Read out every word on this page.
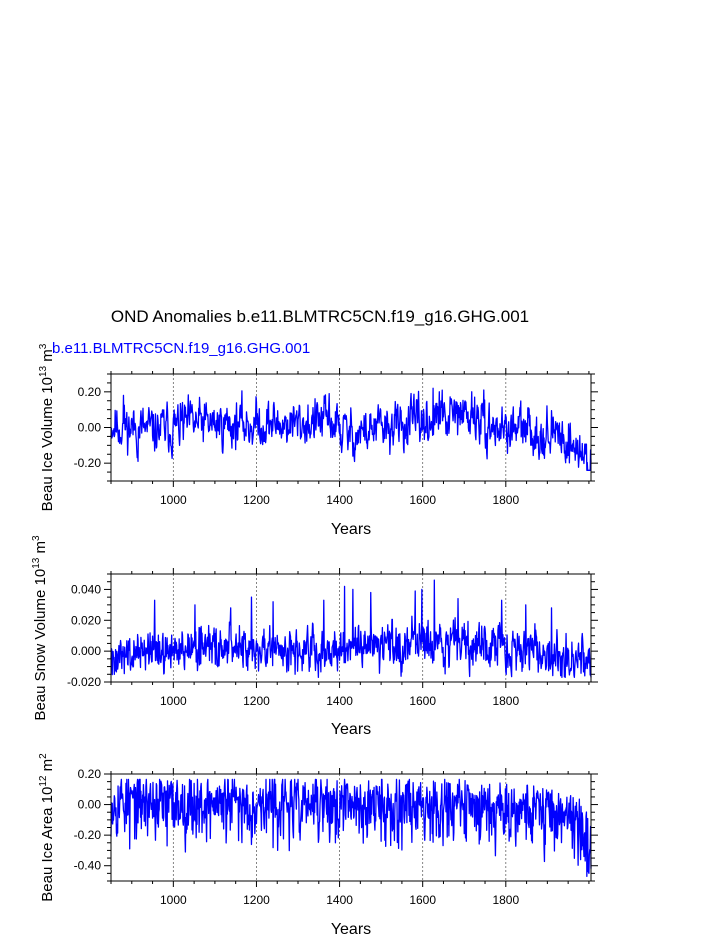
OND Anomalies b.e11.BLMTRC5CN.f19_g16.GHG.001
b.e11.BLMTRC5CN.f19_g16.GHG.001
1000	1200	1400	1600	1800
-0.20
0.00
0.20
Years
Beau Ice Volume $10^{13}$ $m^3$
1000	1200	1400	1600	1800
-0.020
0.000
0.020
0.040
Years
Beau Snow Volume $10^{13}$ $m^3$
1000	1200	1400	1600	1800
-0.40
-0.20
0.00
0.20
Years
Beau Ice Area $10^{12}$ $m^2$
